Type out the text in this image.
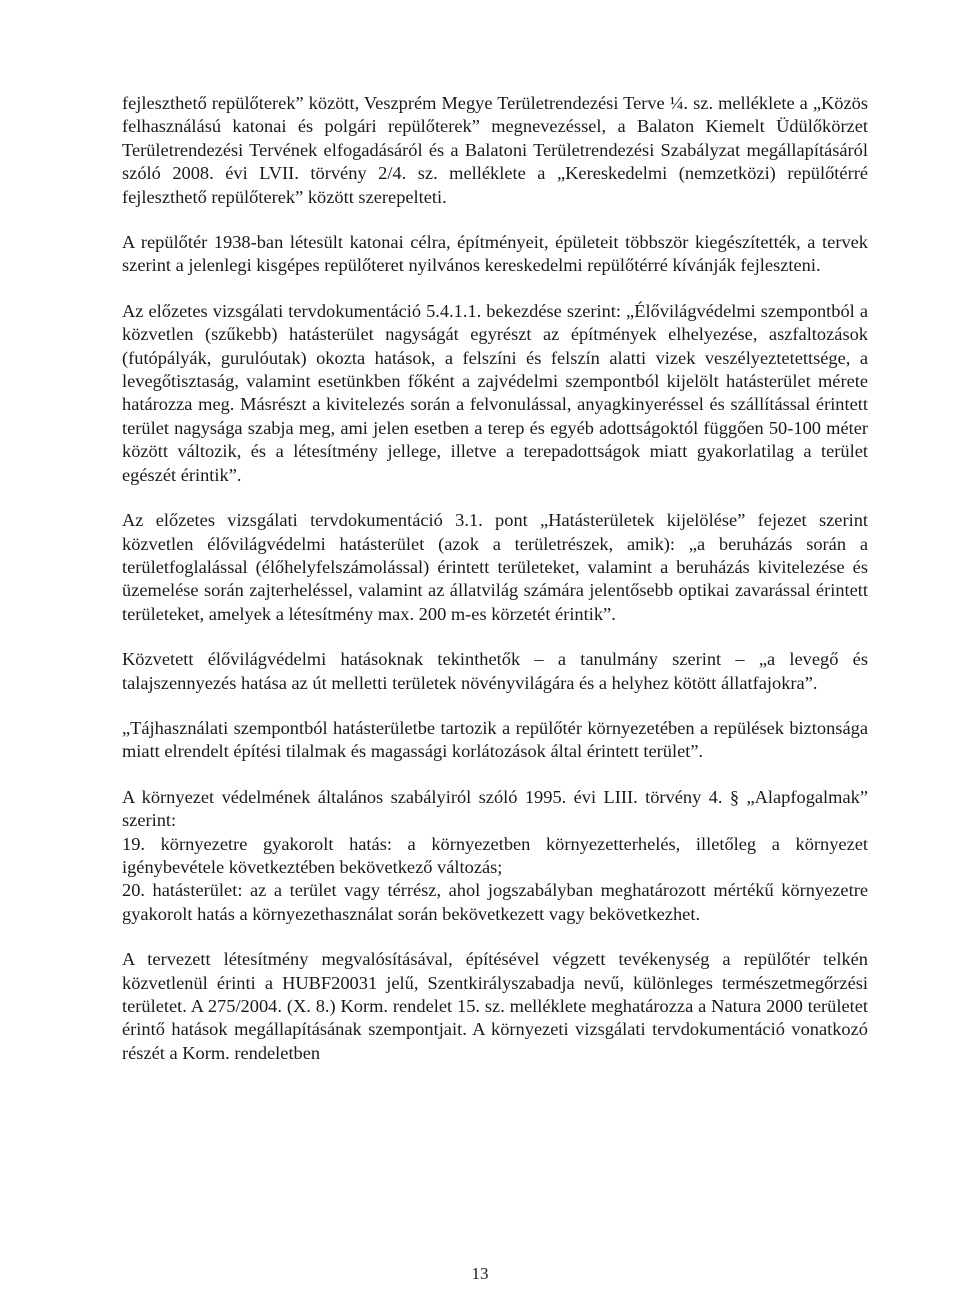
fejleszthető repülőterek” között, Veszprém Megye Területrendezési Terve ¼. sz. melléklete a „Közös felhasználású katonai és polgári repülőterek” megnevezéssel, a Balaton Kiemelt Üdülőkörzet Területrendezési Tervének elfogadásáról és a Balatoni Területrendezési Szabályzat megállapításáról szóló 2008. évi LVII. törvény 2/4. sz. melléklete a „Kereskedelmi (nemzetközi) repülőtérré fejleszthető repülőterek” között szerepelteti.

A repülőtér 1938-ban létesült katonai célra, építményeit, épületeit többször kiegészítették, a tervek szerint a jelenlegi kisgépes repülőteret nyilvános kereskedelmi repülőtérré kívánják fejleszteni.

Az előzetes vizsgálati tervdokumentáció 5.4.1.1. bekezdése szerint: „Élővilágvédelmi szempontból a közvetlen (szűkebb) hatásterület nagyságát egyrészt az építmények elhelyezése, aszfaltozások (futópályák, gurulóutak) okozta hatások, a felszíni és felszín alatti vizek veszélyeztetettsége, a levegőtisztaság, valamint esetünkben főként a zajvédelmi szempontból kijelölt hatásterület mérete határozza meg. Másrészt a kivitelezés során a felvonulással, anyagkinyeréssel és szállítással érintett terület nagysága szabja meg, ami jelen esetben a terep és egyéb adottságoktól függően 50-100 méter között változik, és a létesítmény jellege, illetve a terepadottságok miatt gyakorlatilag a terület egészét érintik”.

Az előzetes vizsgálati tervdokumentáció 3.1. pont „Hatásterületek kijelölése” fejezet szerint közvetlen élővilágvédelmi hatásterület (azok a területrészek, amik): „a beruházás során a területfoglalással (élőhelyfelszámolással) érintett területeket, valamint a beruházás kivitelezése és üzemelése során zajterheléssel, valamint az állatvilág számára jelentősebb optikai zavarással érintett területeket, amelyek a létesítmény max. 200 m-es körzetét érintik”.

Közvetett élővilágvédelmi hatásoknak tekinthetők – a tanulmány szerint – „a levegő és talajszennyezés hatása az út melletti területek növényvilágára és a helyhez kötött állatfajokra”.

„Tájhasználati szempontból hatásterületbe tartozik a repülőtér környezetében a repülések biztonsága miatt elrendelt építési tilalmak és magassági korlátozások által érintett terület”.

A környezet védelmének általános szabályiról szóló 1995. évi LIII. törvény 4. § „Alapfogalmak” szerint:

19. környezetre gyakorolt hatás: a környezetben környezetterhelés, illetőleg a környezet igénybevétele következtében bekövetkező változás;

20. hatásterület: az a terület vagy térrész, ahol jogszabályban meghatározott mértékű környezetre gyakorolt hatás a környezethasználat során bekövetkezett vagy bekövetkezhet.

A tervezett létesítmény megvalósításával, építésével végzett tevékenység a repülőtér telkén közvetlenül érinti a HUBF20031 jelű, Szentkirályszabadja nevű, különleges természetmegőrzési területet. A 275/2004. (X. 8.) Korm. rendelet 15. sz. melléklete meghatározza a Natura 2000 területet érintő hatások megállapításának szempontjait. A környezeti vizsgálati tervdokumentáció vonatkozó részét a Korm. rendeletben

13
